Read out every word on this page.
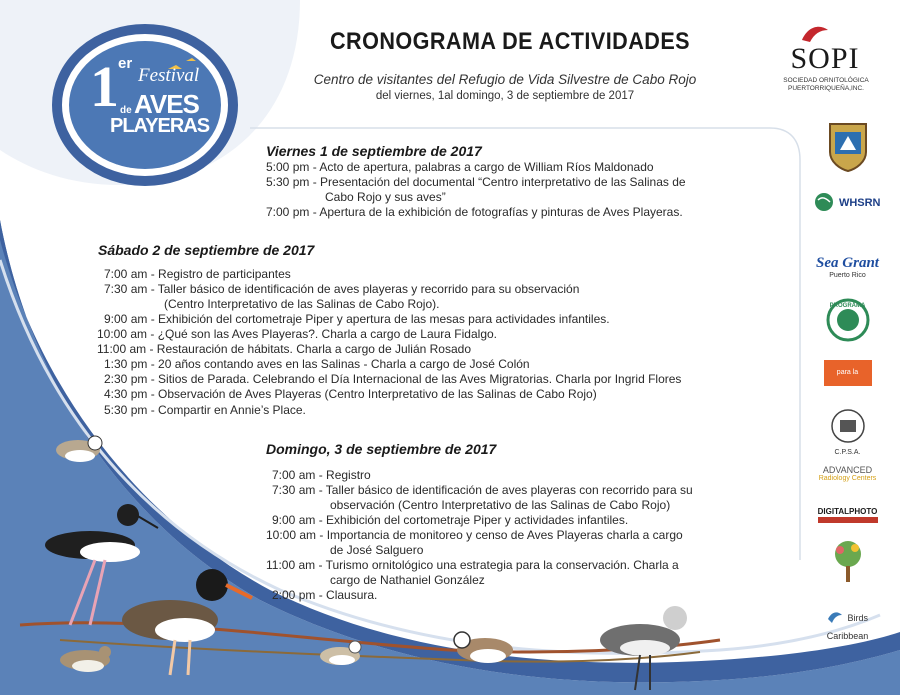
1 er
Festival
de AVES
PLAYERAS
CRONOGRAMA DE ACTIVIDADES
Centro de visitantes del Refugio de Vida Silvestre de Cabo Rojo
del viernes, 1al domingo, 3 de septiembre de 2017
SOPI
SOCIEDAD ORNITOLÓGICA
PUERTORRIQUEÑA,INC.
Viernes 1 de septiembre de 2017
5:00 pm - Acto de apertura, palabras a cargo de William Ríos Maldonado
5:30 pm - Presentación del documental “Centro interpretativo de las Salinas de
Cabo Rojo y sus aves”
7:00 pm - Apertura de la exhibición de fotografías y pinturas de Aves Playeras.
Sábado 2 de septiembre de 2017
7:00 am - Registro de participantes
7:30 am - Taller básico de identificación de aves playeras y recorrido para su observación
(Centro Interpretativo de las Salinas de Cabo Rojo).
9:00 am - Exhibición del cortometraje Piper y apertura de las mesas para actividades infantiles.
10:00 am - ¿Qué son las Aves Playeras?. Charla a cargo de Laura Fidalgo.
11:00 am - Restauración de hábitats. Charla a cargo de Julián Rosado
1:30 pm - 20 años contando aves en las Salinas - Charla a cargo de José Colón
2:30 pm - Sitios de Parada. Celebrando el Día Internacional de las Aves Migratorias. Charla por Ingrid Flores
4:30 pm - Observación de Aves Playeras (Centro Interpretativo de las Salinas de Cabo Rojo)
5:30 pm - Compartir en Annie’s Place.
Domingo, 3 de septiembre de 2017
7:00 am - Registro
7:30 am - Taller básico de identificación de aves playeras con recorrido para su
observación (Centro Interpretativo de las Salinas de Cabo Rojo)
9:00 am - Exhibición del cortometraje Piper y actividades infantiles.
10:00 am - Importancia de monitoreo y censo de Aves Playeras charla a cargo
de José Salguero
11:00 am - Turismo ornitológico una estrategia para la conservación. Charla a
cargo de Nathaniel González
2:00 pm - Clausura.
WHSRN
Sea Grant
Puerto Rico
PROGRAMA
para la Naturaleza
C.P.S.A.
ADVANCED
Radiology Centers
DIGITALPHOTO
Birds Caribbean
